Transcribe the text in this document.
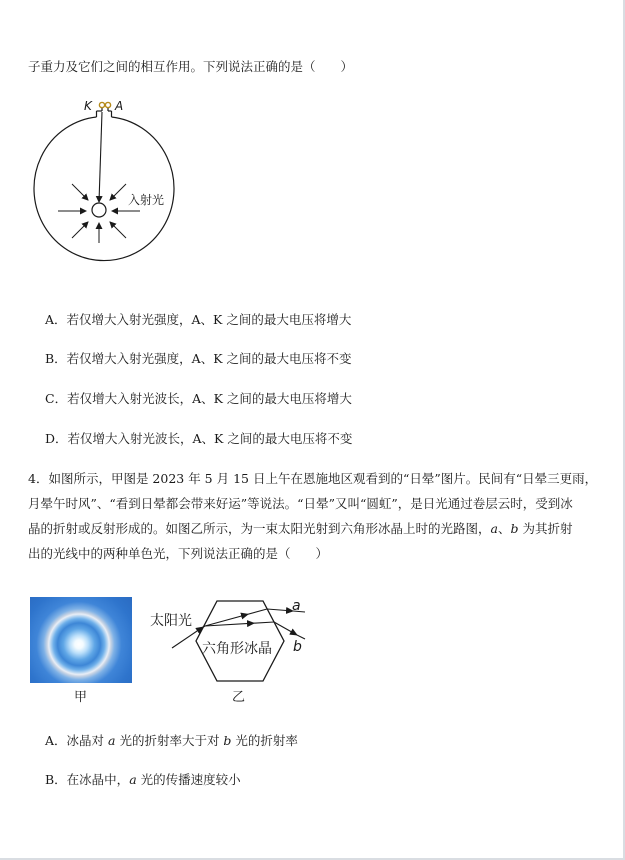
子重力及它们之间的相互作用。下列说法正确的是（　　）
K A
入射光
A．若仅增大入射光强度，A、K 之间的最大电压将增大
B．若仅增大入射光强度，A、K 之间的最大电压将不变
C．若仅增大入射光波长，A、K 之间的最大电压将增大
D．若仅增大入射光波长，A、K 之间的最大电压将不变
4．如图所示，甲图是 2023 年 5 月 15 日上午在恩施地区观看到的“日晕”图片。民间有“日晕三更雨，
月晕午时风”、“看到日晕都会带来好运”等说法。“日晕”又叫“圆虹”，是日光通过卷层云时，受到冰
晶的折射或反射形成的。如图乙所示，为一束太阳光射到六角形冰晶上时的光路图，a、b 为其折射
出的光线中的两种单色光，下列说法正确的是（　　）
甲
太阳光
六角形冰晶
a
b
乙
A．冰晶对 a 光的折射率大于对 b 光的折射率
B．在冰晶中，a 光的传播速度较小
